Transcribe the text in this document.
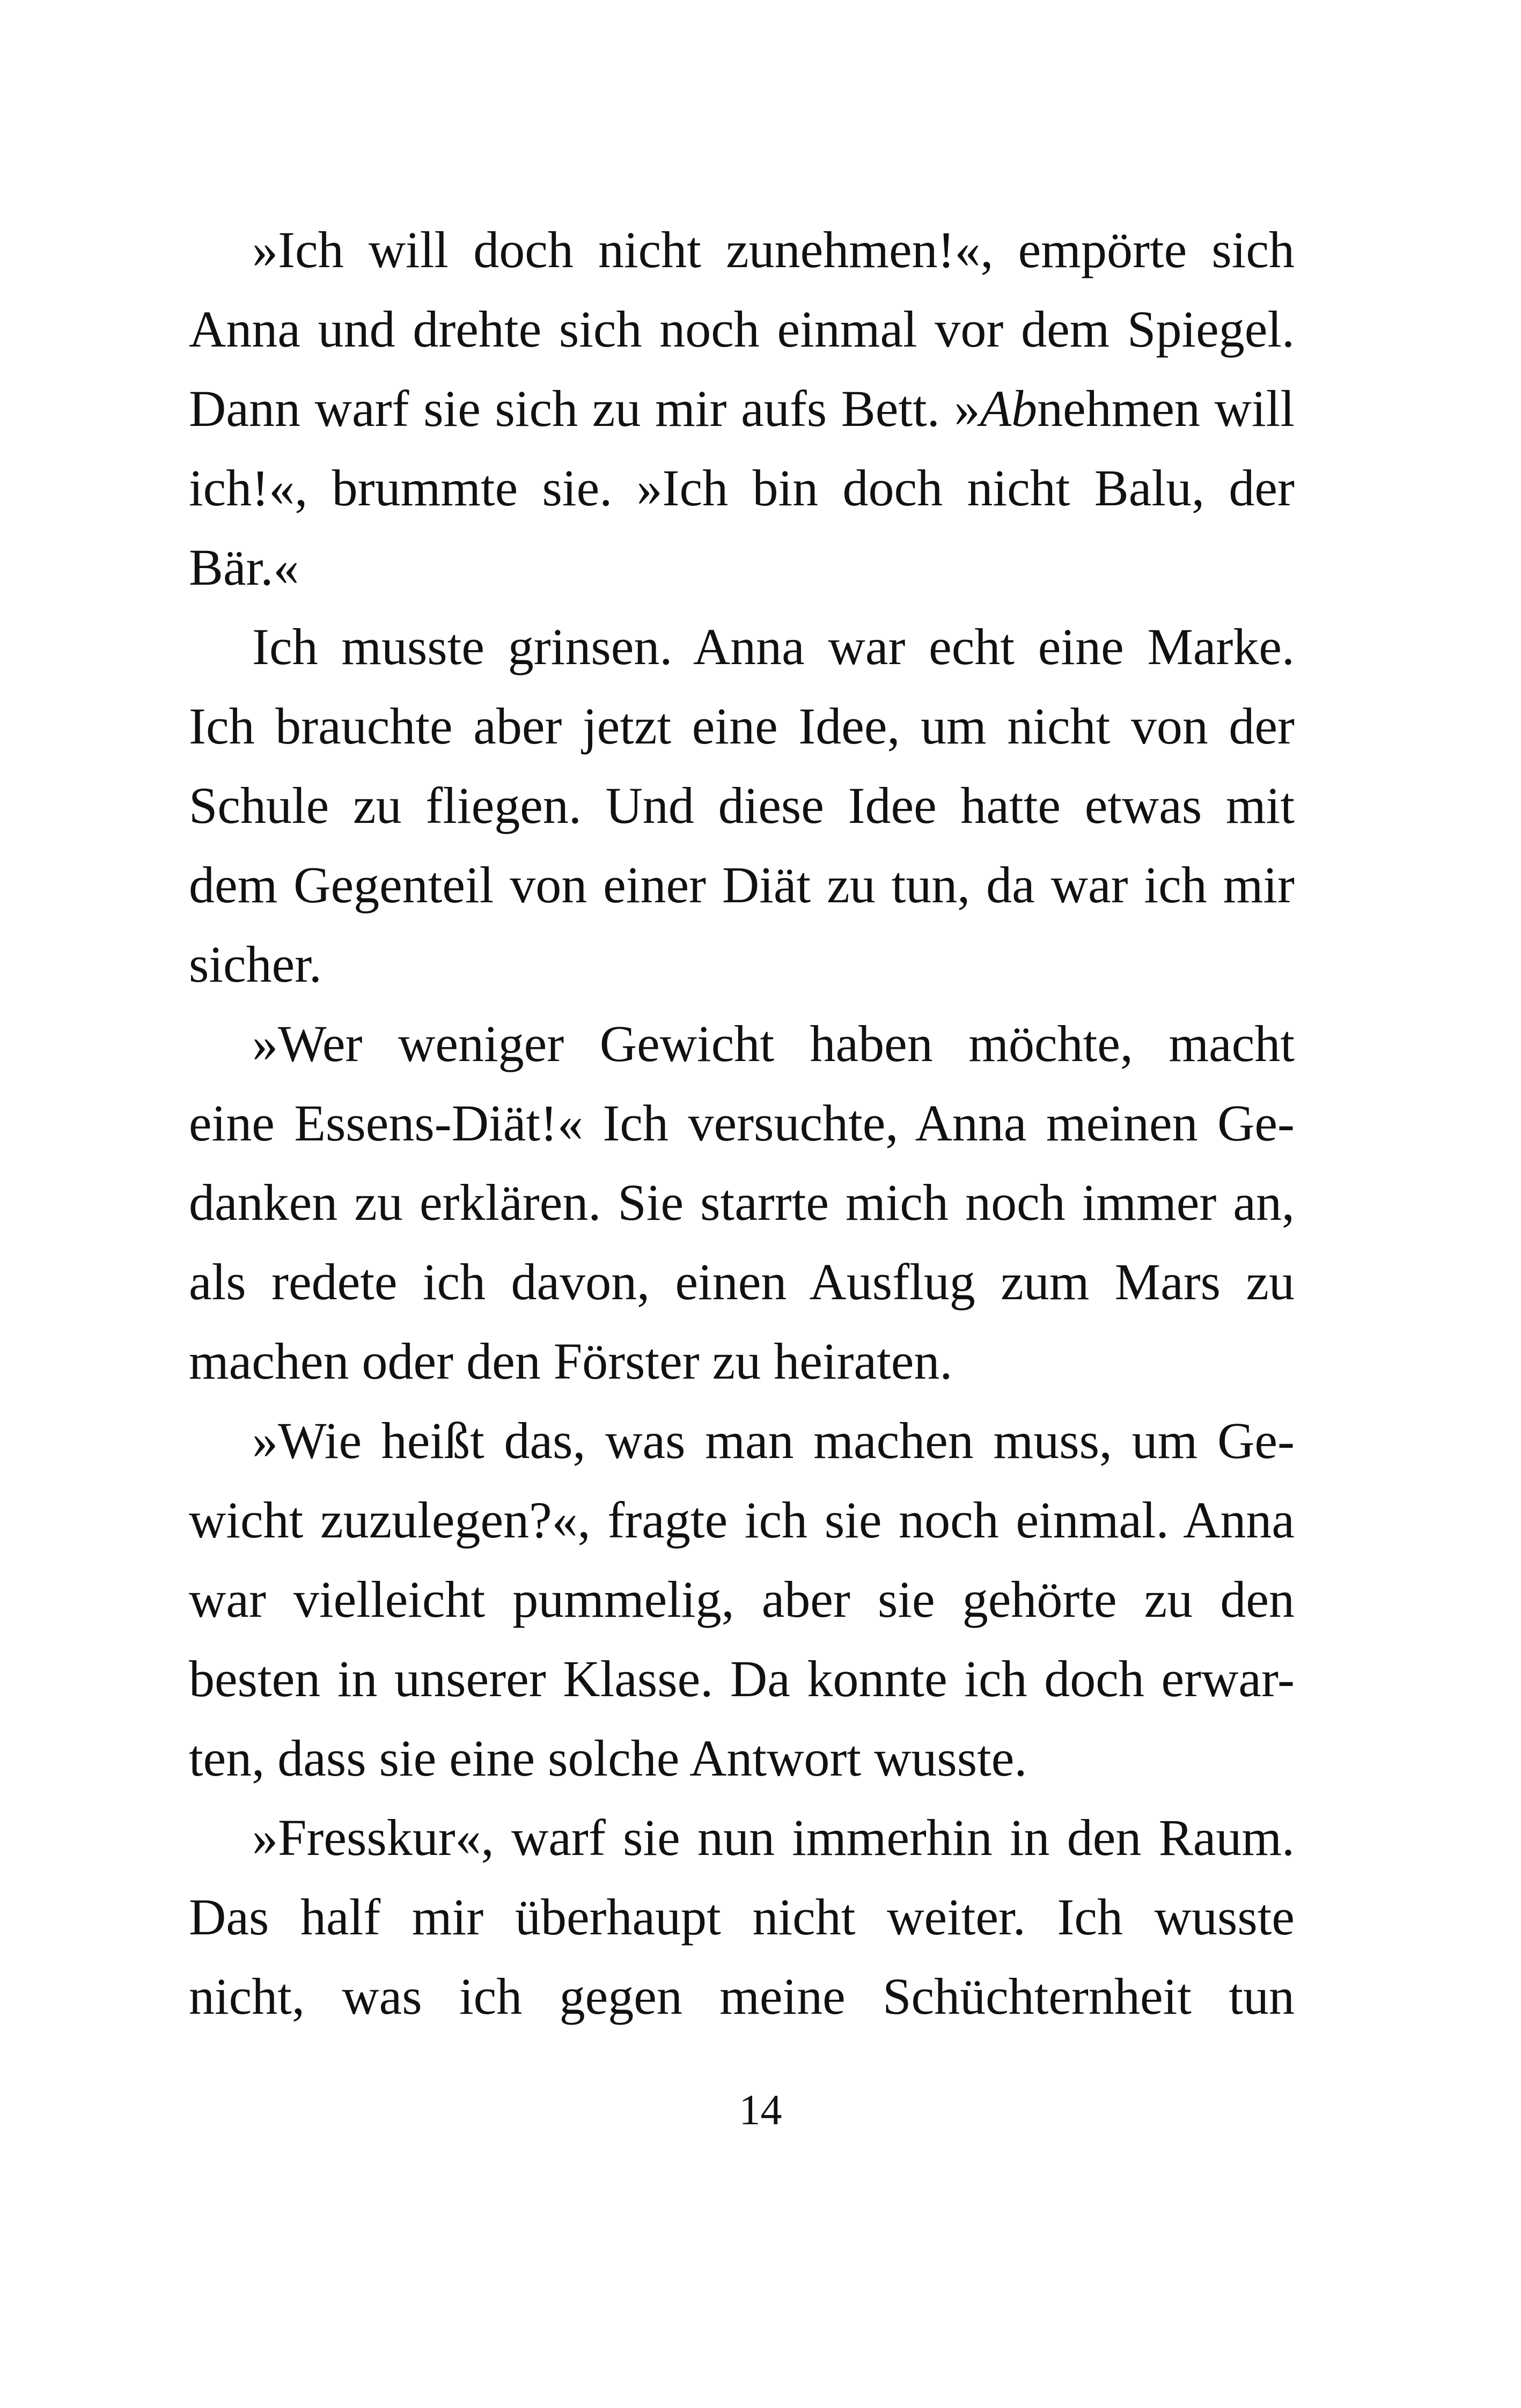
»Ich will doch nicht zunehmen!«, empörte sich
Anna und drehte sich noch einmal vor dem Spiegel.
Dann warf sie sich zu mir aufs Bett. »Abnehmen will
ich!«, brummte sie. »Ich bin doch nicht Balu, der
Bär.«

Ich musste grinsen. Anna war echt eine Marke.
Ich brauchte aber jetzt eine Idee, um nicht von der
Schule zu fliegen. Und diese Idee hatte etwas mit
dem Gegenteil von einer Diät zu tun, da war ich mir
sicher.

»Wer weniger Gewicht haben möchte, macht
eine Essens-Diät!« Ich versuchte, Anna meinen Ge-
danken zu erklären. Sie starrte mich noch immer an,
als redete ich davon, einen Ausflug zum Mars zu
machen oder den Förster zu heiraten.

»Wie heißt das, was man machen muss, um Ge-
wicht zuzulegen?«, fragte ich sie noch einmal. Anna
war vielleicht pummelig, aber sie gehörte zu den
besten in unserer Klasse. Da konnte ich doch erwar-
ten, dass sie eine solche Antwort wusste.

»Fresskur«, warf sie nun immerhin in den Raum.
Das half mir überhaupt nicht weiter. Ich wusste
nicht, was ich gegen meine Schüchternheit tun

14
